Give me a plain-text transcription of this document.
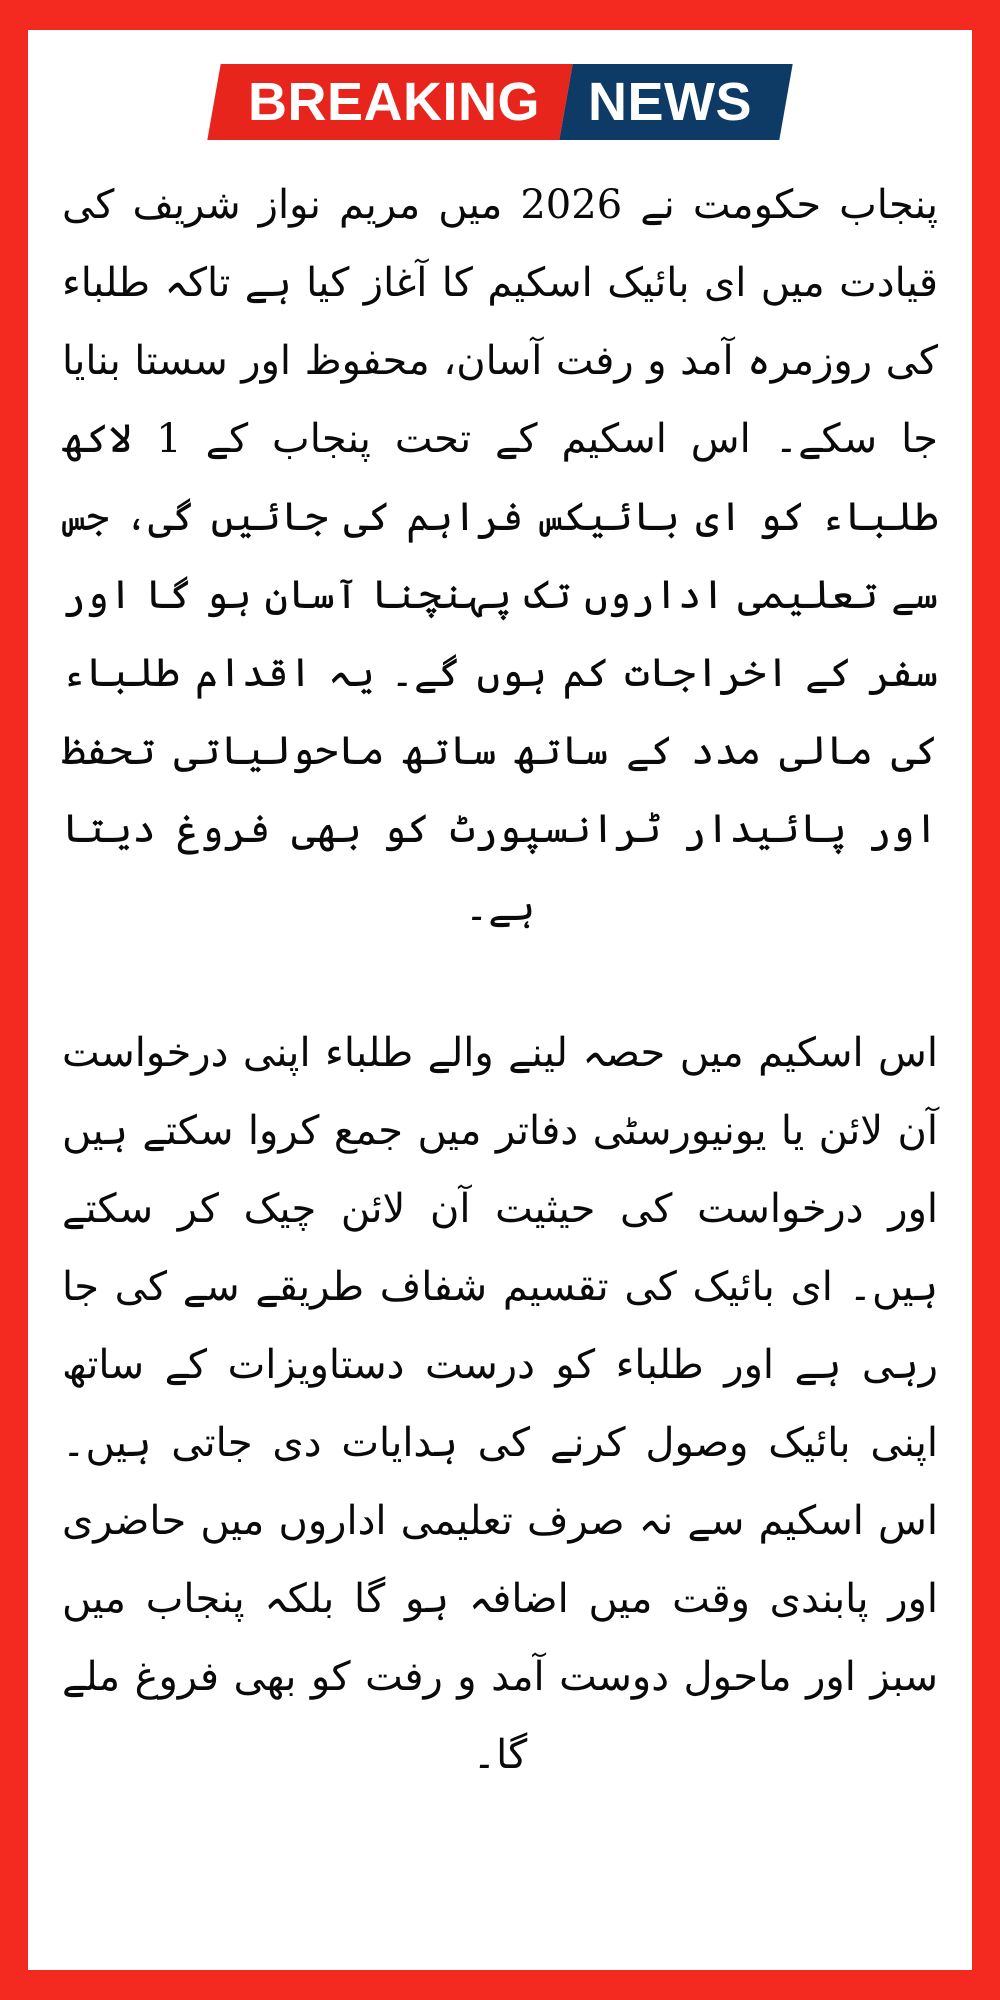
BREAKING NEWS

پنجاب حکومت نے 2026 میں مریم نواز شریف کی قیادت میں ای بائیک اسکیم کا آغاز کیا ہے تاکہ طلباء کی روزمرہ آمد و رفت آسان، محفوظ اور سستا بنایا جا سکے۔ اس اسکیم کے تحت پنجاب کے 1 لاکھ طلباء کو ای بائیکس فراہم کی جائیں گی، جس سے تعلیمی اداروں تک پہنچنا آسان ہو گا اور سفر کے اخراجات کم ہوں گے۔ یہ اقدام طلباء کی مالی مدد کے ساتھ ساتھ ماحولیاتی تحفظ اور پائیدار ٹرانسپورٹ کو بھی فروغ دیتا ہے۔

اس اسکیم میں حصہ لینے والے طلباء اپنی درخواست آن لائن یا یونیورسٹی دفاتر میں جمع کروا سکتے ہیں اور درخواست کی حیثیت آن لائن چیک کر سکتے ہیں۔ ای بائیک کی تقسیم شفاف طریقے سے کی جا رہی ہے اور طلباء کو درست دستاویزات کے ساتھ اپنی بائیک وصول کرنے کی ہدایات دی جاتی ہیں۔ اس اسکیم سے نہ صرف تعلیمی اداروں میں حاضری اور پابندی وقت میں اضافہ ہو گا بلکہ پنجاب میں سبز اور ماحول دوست آمد و رفت کو بھی فروغ ملے گا۔
